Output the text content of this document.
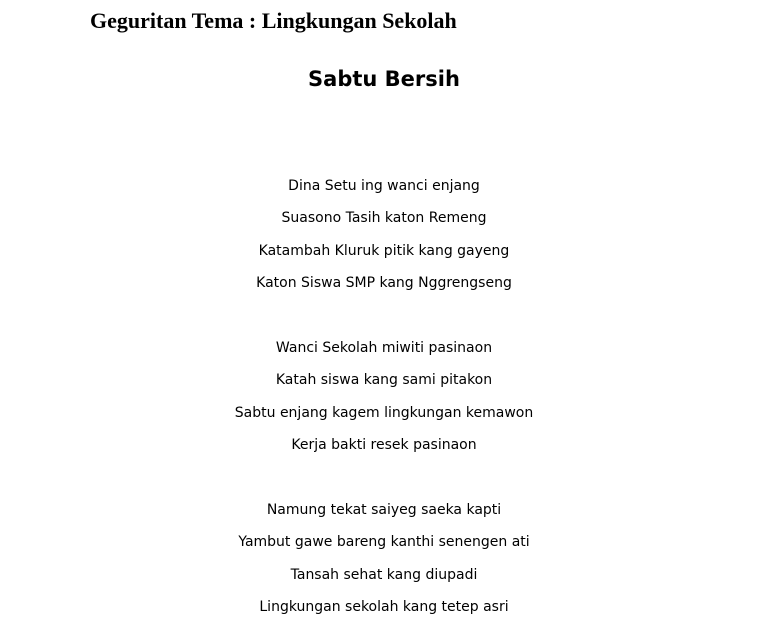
Geguritan Tema : Lingkungan Sekolah
Sabtu Bersih
Dina Setu ing wanci enjang
Suasono Tasih katon Remeng
Katambah Kluruk pitik kang gayeng
Katon Siswa SMP kang Nggrengseng
Wanci Sekolah miwiti pasinaon
Katah siswa kang sami pitakon
Sabtu enjang kagem lingkungan kemawon
Kerja bakti resek pasinaon
Namung tekat saiyeg saeka kapti
Yambut gawe bareng kanthi senengen ati
Tansah sehat kang diupadi
Lingkungan sekolah kang tetep asri
